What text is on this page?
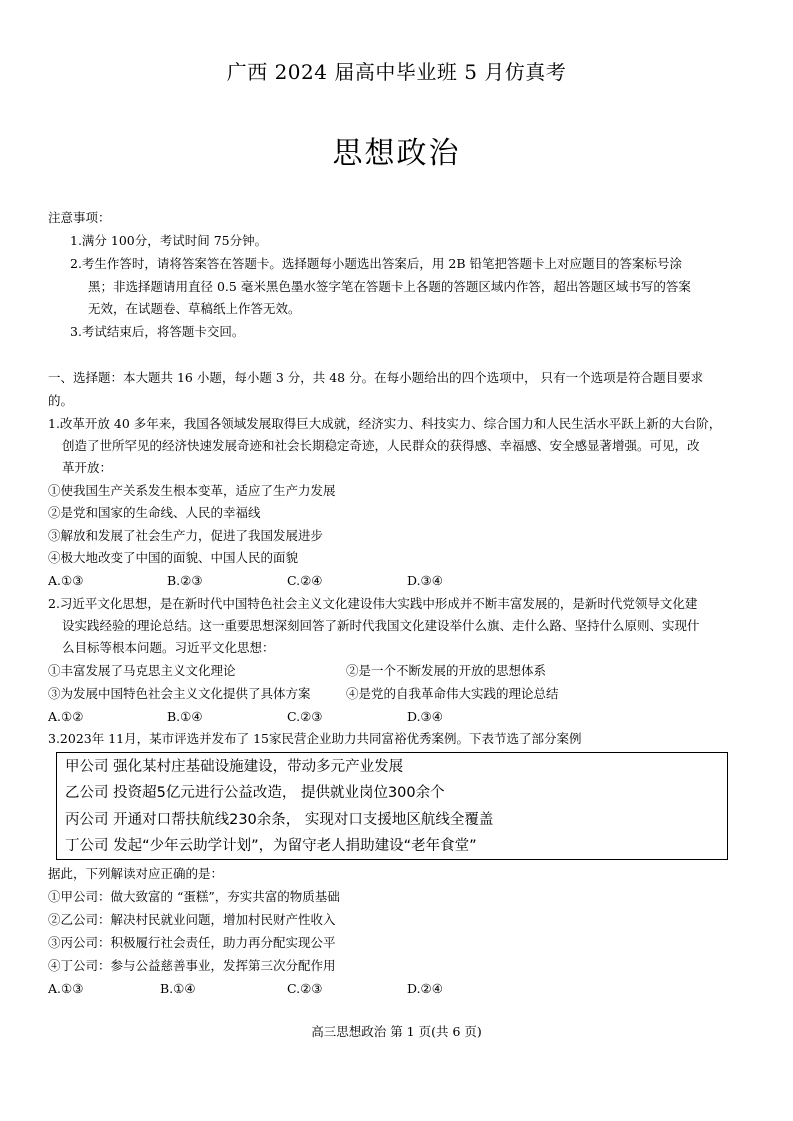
广西 2024 届高中毕业班 5 月仿真考
思想政治
注意事项：
1.满分 100分，考试时间 75分钟。
2.考生作答时，请将答案答在答题卡。选择题每小题选出答案后，用 2B 铅笔把答题卡上对应题目的答案标号涂
黑；非选择题请用直径 0.5 毫米黑色墨水签字笔在答题卡上各题的答题区域内作答，超出答题区域书写的答案
无效，在试题卷、草稿纸上作答无效。
3.考试结束后，将答题卡交回。
一、选择题：本大题共 16 小题，每小题 3 分，共 48 分。在每小题给出的四个选项中， 只有一个选项是符合题目要求
的。
1.改革开放 40 多年来，我国各领域发展取得巨大成就，经济实力、科技实力、综合国力和人民生活水平跃上新的大台阶，
创造了世所罕见的经济快速发展奇迹和社会长期稳定奇迹，人民群众的获得感、幸福感、安全感显著增强。可见，改
革开放：
①使我国生产关系发生根本变革，适应了生产力发展
②是党和国家的生命线、人民的幸福线
③解放和发展了社会生产力，促进了我国发展进步
④极大地改变了中国的面貌、中国人民的面貌
A.①③	B.②③	C.②④	D.③④
2.习近平文化思想，是在新时代中国特色社会主义文化建设伟大实践中形成并不断丰富发展的，是新时代党领导文化建
设实践经验的理论总结。这一重要思想深刻回答了新时代我国文化建设举什么旗、走什么路、坚持什么原则、实现什
么目标等根本问题。习近平文化思想：
①丰富发展了马克思主义文化理论	②是一个不断发展的开放的思想体系
③为发展中国特色社会主义文化提供了具体方案	④是党的自我革命伟大实践的理论总结
A.①②	B.①④	C.②③	D.③④
3.2023年 11月，某市评选并发布了 15家民营企业助力共同富裕优秀案例。下表节选了部分案例
甲公司 强化某村庄基础设施建设，带动多元产业发展
乙公司 投资超5亿元进行公益改造， 提供就业岗位300余个
丙公司 开通对口帮扶航线230余条， 实现对口支援地区航线全覆盖
丁公司 发起“少年云助学计划”，为留守老人捐助建设“老年食堂”
据此，下列解读对应正确的是：
①甲公司：做大致富的 “蛋糕”，夯实共富的物质基础
②乙公司：解决村民就业问题，增加村民财产性收入
③丙公司：积极履行社会责任，助力再分配实现公平
④丁公司：参与公益慈善事业，发挥第三次分配作用
A.①③	B.①④	C.②③	D.②④
高三思想政治 第 1 页(共 6 页)
